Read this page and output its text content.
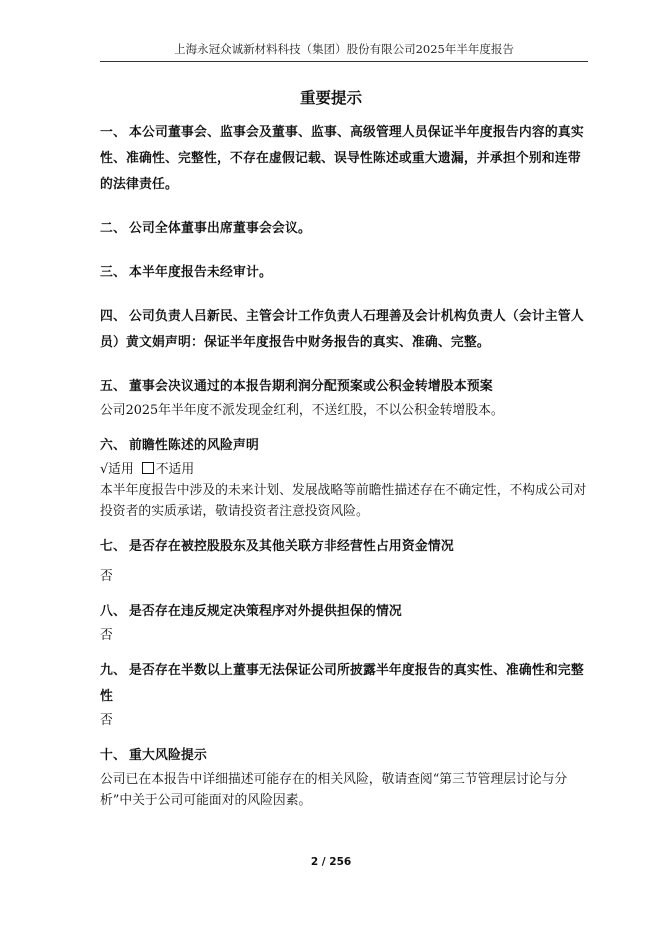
上海永冠众诚新材料科技（集团）股份有限公司2025年半年度报告
重要提示

一、 本公司董事会、监事会及董事、监事、高级管理人员保证半年度报告内容的真实性、准确性、完整性，不存在虚假记载、误导性陈述或重大遗漏，并承担个别和连带的法律责任。

二、 公司全体董事出席董事会会议。

三、 本半年度报告未经审计。

四、 公司负责人吕新民、主管会计工作负责人石理善及会计机构负责人（会计主管人员）黄文娟声明：保证半年度报告中财务报告的真实、准确、完整。

五、 董事会决议通过的本报告期利润分配预案或公积金转增股本预案

公司2025年半年度不派发现金红利，不送红股，不以公积金转增股本。

六、 前瞻性陈述的风险声明

√适用 不适用

本半年度报告中涉及的未来计划、发展战略等前瞻性描述存在不确定性，不构成公司对投资者的实质承诺，敬请投资者注意投资风险。

七、 是否存在被控股股东及其他关联方非经营性占用资金情况

否

八、 是否存在违反规定决策程序对外提供担保的情况

否

九、 是否存在半数以上董事无法保证公司所披露半年度报告的真实性、准确性和完整性

否

十、 重大风险提示

公司已在本报告中详细描述可能存在的相关风险，敬请查阅“第三节管理层讨论与分析”中关于公司可能面对的风险因素。

2 / 256
